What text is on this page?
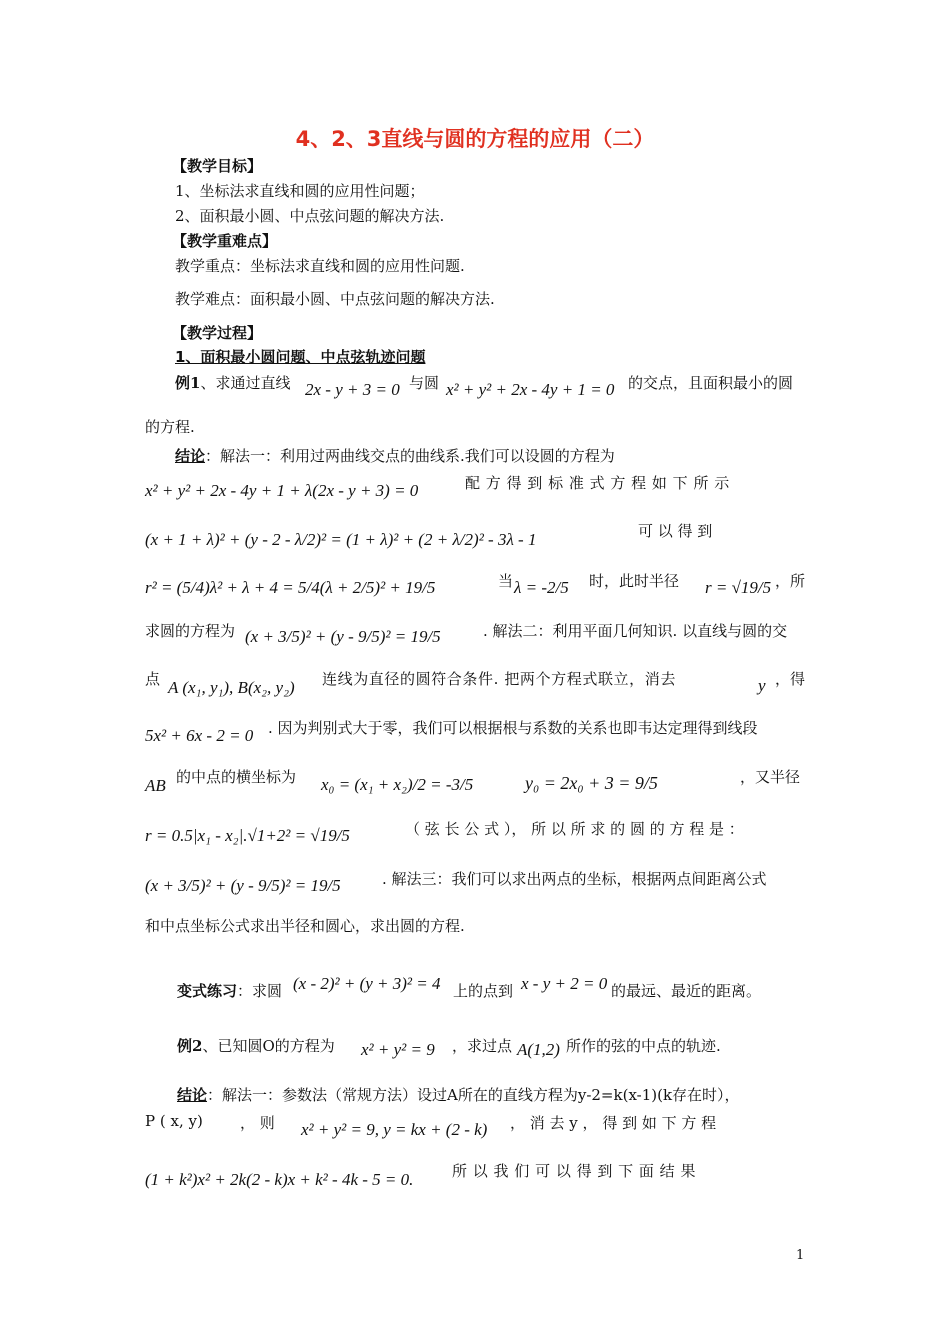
4、2、3直线与圆的方程的应用（二）
【教学目标】
1、坐标法求直线和圆的应用性问题；
2、面积最小圆、中点弦问题的解决方法.
【教学重难点】
教学重点：坐标法求直线和圆的应用性问题.
教学难点：面积最小圆、中点弦问题的解决方法.
【教学过程】
1、面积最小圆问题、中点弦轨迹问题
例1、求通过直线 2x - y + 3 = 0 与圆 x² + y² + 2x - 4y + 1 = 0 的交点，且面积最小的圆
的方程.
结论：解法一：利用过两曲线交点的曲线系.我们可以设圆的方程为
x² + y² + 2x - 4y + 1 + λ(2x - y + 3) = 0	配 方 得 到 标 准 式 方 程 如 下 所 示
(x + 1 + λ)² + (y - 2 - λ/2)² = (1 + λ)² + (2 + λ/2)² - 3λ - 1	可 以 得 到
r² = (5/4)λ² + λ + 4 = 5/4(λ + 2/5)² + 19/5	当 λ = -2/5 时，此时半径 r = √19/5 ，所
求圆的方程为 (x + 3/5)² + (y - 9/5)² = 19/5	. 解法二：利用平面几何知识. 以直线与圆的交
点 A (x₁, y₁), B(x₂, y₂) 连线为直径的圆符合条件. 把两个方程式联立，消去	y ，得
5x² + 6x - 2 = 0 . 因为判别式大于零，我们可以根据根与系数的关系也即韦达定理得到线段
AB 的中点的横坐标为 x₀ = (x₁ + x₂)/2 = -3/5	y₀ = 2x₀ + 3 = 9/5	，又半径
r = 0.5|x₁ - x₂|.√1+2² = √19/5	（ 弦 长 公 式 ）， 所 以 所 求 的 圆 的 方 程 是 ：
(x + 3/5)² + (y - 9/5)² = 19/5	. 解法三：我们可以求出两点的坐标，根据两点间距离公式
和中点坐标公式求出半径和圆心，求出圆的方程.
变式练习：求圆 (x - 2)² + (y + 3)² = 4 上的点到 x - y + 2 = 0 的最远、最近的距离。
例2、已知圆O的方程为 x² + y² = 9 ，求过点 A(1,2) 所作的弦的中点的轨迹.
结论：解法一：参数法（常规方法）设过A所在的直线方程为y-2=k(x-1)(k存在时），
P ( x, y) ， 则 x² + y² = 9, y = kx + (2 - k) ， 消 去 y ， 得 到 如 下 方 程
(1 + k²)x² + 2k(2 - k)x + k² - 4k - 5 = 0.	所 以 我 们 可 以 得 到 下 面 结 果
1
